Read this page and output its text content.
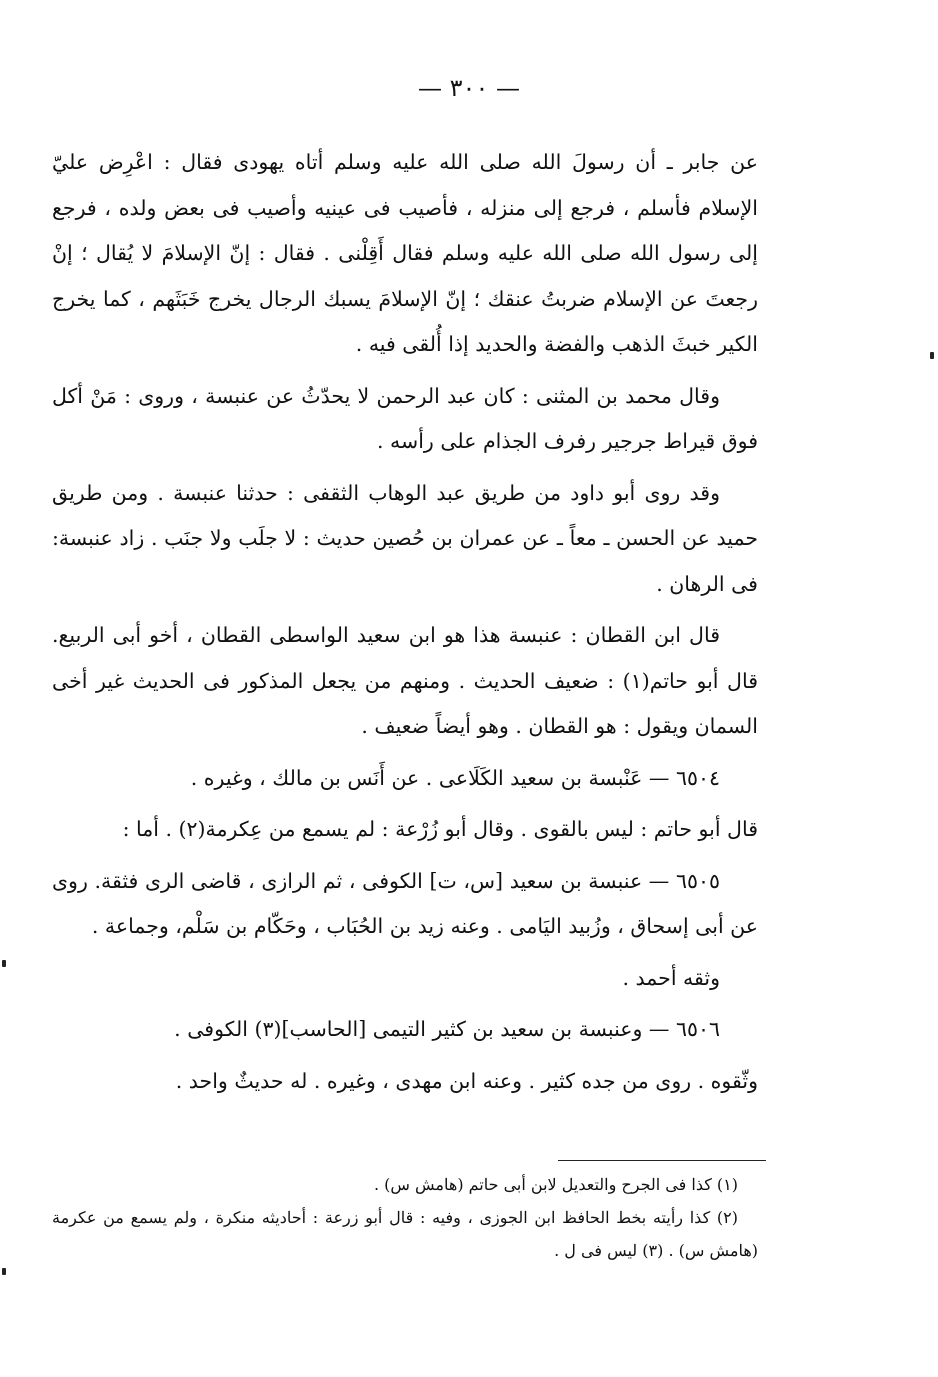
— ٣٠٠ —

عن جابر ـ أن رسولَ الله صلى الله عليه وسلم أتاه يهودى فقال : اعْرِض عليّ الإسلام فأسلم ، فرجع إلى منزله ، فأصيب فى عينيه وأصيب فى بعض ولده ، فرجع إلى رسول الله صلى الله عليه وسلم فقال أَقِلْنى . فقال : إنّ الإسلامَ لا يُقال ؛ إنْ رجعتَ عن الإسلام ضربتُ عنقك ؛ إنّ الإسلامَ يسبك الرجال يخرج خَبَثَهم ، كما يخرج الكير خبثَ الذهب والفضة والحديد إذا أُلقى فيه .

وقال محمد بن المثنى : كان عبد الرحمن لا يحدّثُ عن عنبسة ، وروى : مَنْ أكل فوق قيراط جرجير رفرف الجذام على رأسه .

وقد روى أبو داود من طريق عبد الوهاب الثقفى : حدثنا عنبسة . ومن طريق حميد عن الحسن ـ معاً ـ عن عمران بن حُصين حديث : لا جلَب ولا جنَب . زاد عنبسة: فى الرهان .

قال ابن القطان : عنبسة هذا هو ابن سعيد الواسطى القطان ، أخو أبى الربيع. قال أبو حاتم(١) : ضعيف الحديث . ومنهم من يجعل المذكور فى الحديث غير أخى السمان ويقول : هو القطان . وهو أيضاً ضعيف .

٦٥٠٤ — عَنْبسة بن سعيد الكَلَاعى . عن أَنَس بن مالك ، وغيره .

قال أبو حاتم : ليس بالقوى . وقال أبو زُرْعة : لم يسمع من عِكرمة(٢) . أما :

٦٥٠٥ — عنبسة بن سعيد [س، ت] الكوفى ، ثم الرازى ، قاضى الرى فثقة. روى عن أبى إسحاق ، وزُبيد اليَامى . وعنه زيد بن الحُبَاب ، وحَكّام بن سَلْم، وجماعة .

وثقه أحمد .

٦٥٠٦ — وعنبسة بن سعيد بن كثير التيمى [الحاسب](٣) الكوفى .

وثّقوه . روى من جده كثير . وعنه ابن مهدى ، وغيره . له حديثٌ واحد .

(١) كذا فى الجرح والتعديل لابن أبى حاتم (هامش س) .

(٢) كذا رأيته بخط الحافظ ابن الجوزى ، وفيه : قال أبو زرعة : أحاديثه منكرة ، ولم يسمع من عكرمة (هامش س) . (٣) ليس فى ل .
